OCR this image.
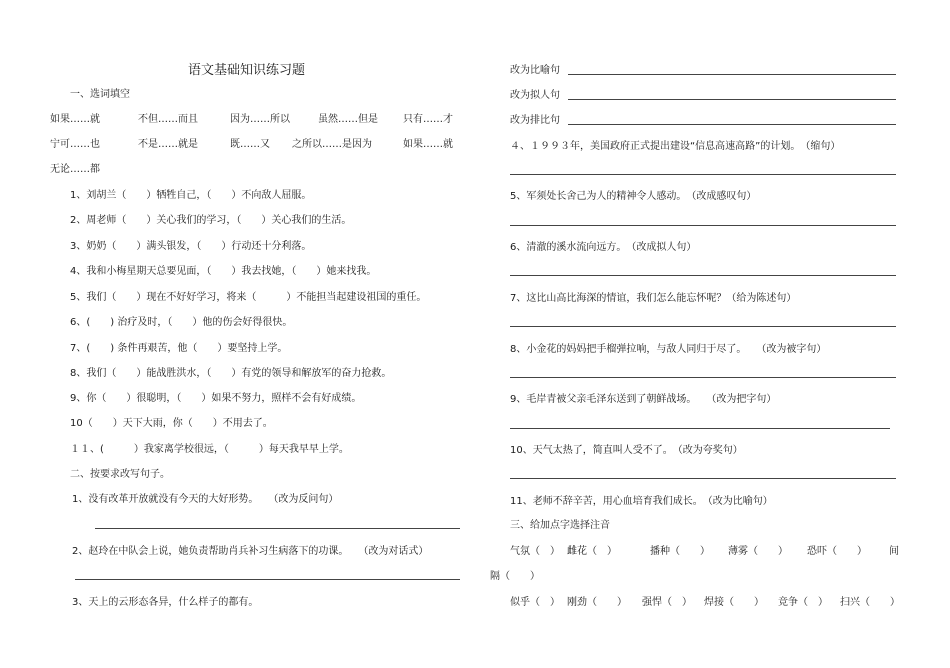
语文基础知识练习题
一、选词填空
如果……就	不但……而且	因为……所以	虽然……但是	只有……才
宁可……也	不是……就是	既……又 之所以……是因为	如果……就
无论……都
1、刘胡兰（　　）牺牲自己，（　　）不向敌人屈服。
2、周老师（　　）关心我们的学习，（　　）关心我们的生活。
3、奶奶（　　）满头银发，（　　）行动还十分利落。
4、我和小梅星期天总要见面，（　　）我去找她，（　　）她来找我。
5、我们（　　）现在不好好学习，将来（　　　）不能担当起建设祖国的重任。
6、(　　) 治疗及时，（　　）他的伤会好得很快。
7、(　　) 条件再艰苦，他（　　）要坚持上学。
8、我们（　　）能战胜洪水，（　　）有党的领导和解放军的奋力抢救。
9、你（　　）很聪明，（　　）如果不努力，照样不会有好成绩。
10（　　）天下大雨，你（　　）不用去了。
１１、(　　　）我家离学校很远，（　　　）每天我早早上学。
二、按要求改写句子。
1、没有改革开放就没有今天的大好形势。　　（改为反问句）
2、赵玲在中队会上说，她负责帮助肖兵补习生病落下的功课。　　（改为对话式）
3、天上的云形态各异，什么样子的都有。
改为比喻句
改为拟人句
改为排比句
４、１９９３年，美国政府正式提出建设“信息高速高路”的计划。　（缩句）
5、军须处长舍己为人的精神令人感动。　（改成感叹句）
6、清澈的溪水流向远方。　（改成拟人句）
7、这比山高比海深的情谊，我们怎么能忘怀呢？（给为陈述句）
8、小金花的妈妈把手榴弹拉响，与敌人同归于尽了。　　（改为被字句）
9、毛岸青被父亲毛泽东送到了朝鲜战场。　　（改为把字句）
10、天气太热了，简直叫人受不了。　（改为夸奖句）
11、老师不辞辛苦，用心血培育我们成长。　（改为比喻句）
三、给加点字选择注音
气氛（　） 雌花（　）	播种（　　） 薄雾（　　） 恐吓（　　） 间
隔（　　）
似乎（　） 刚劲（　　） 强悍（　） 焊接（　　） 竞争（　） 扫兴（　　）
